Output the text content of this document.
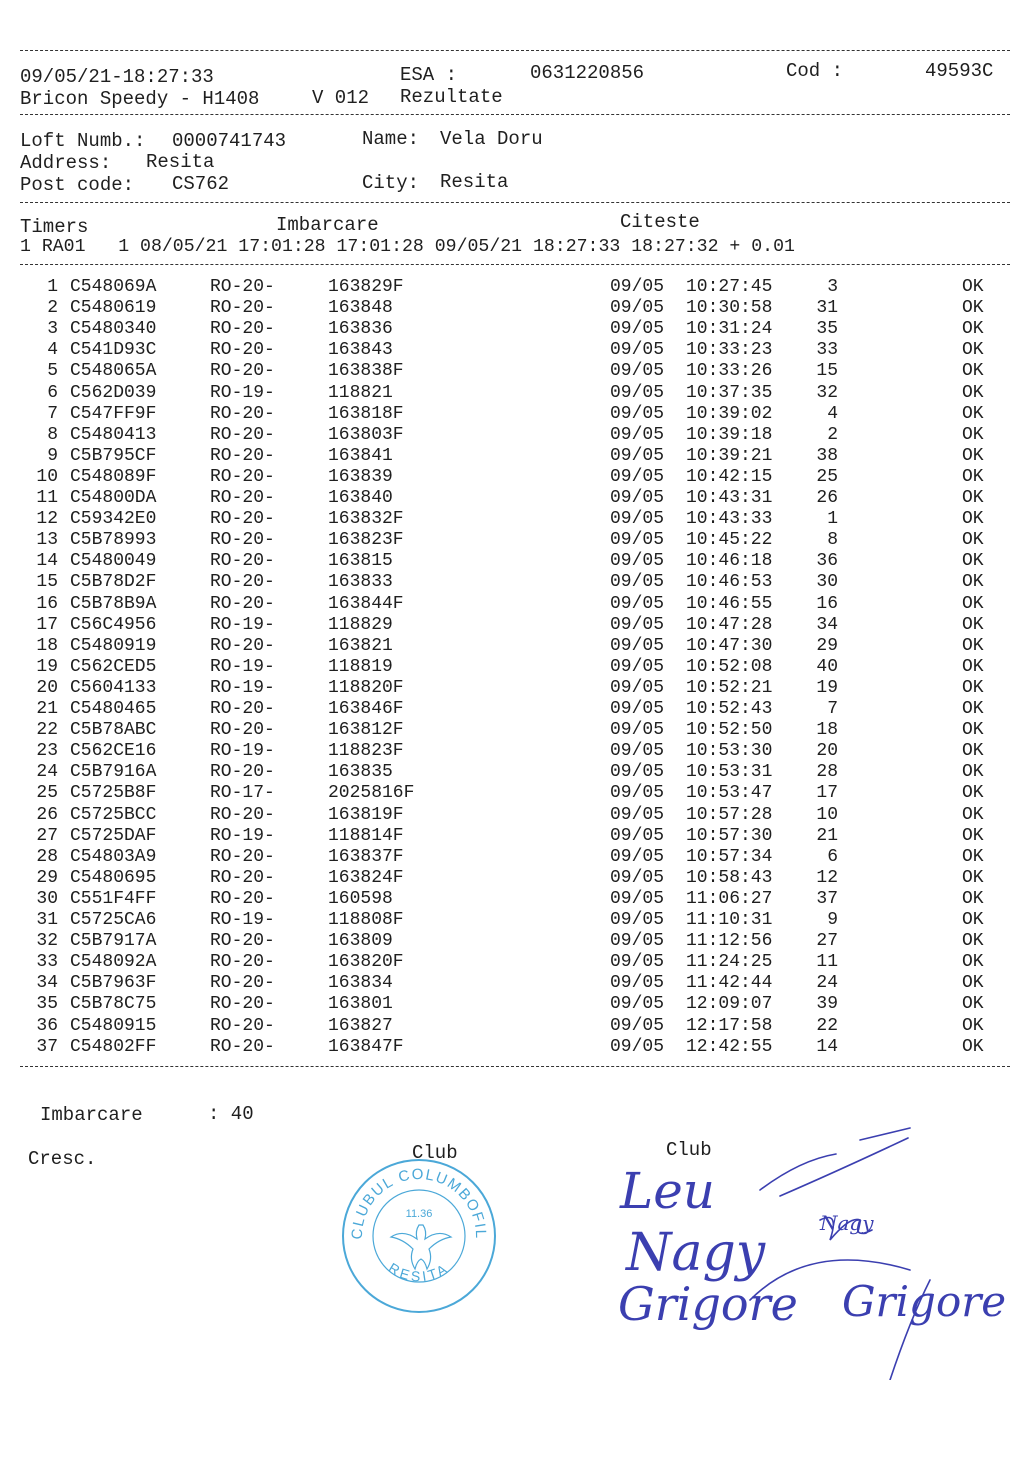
09/05/21-18:27:33	ESA :	0631220856	Cod :	49593C
Bricon Speedy - H1408	V 012 Rezultate
Loft Numb.: 0000741743	Name: Vela Doru
Address: Resita
Post code: CS762	City: Resita
Timers	Imbarcare	Citeste
1 RA01   1 08/05/21 17:01:28 17:01:28 09/05/21 18:27:33 18:27:32 + 0.01
1 C548069A	RO-20-	163829F	09/05 10:27:45	3	OK
2 C5480619	RO-20-	163848	09/05 10:30:58	31	OK
3 C5480340	RO-20-	163836	09/05 10:31:24	35	OK
4 C541D93C	RO-20-	163843	09/05 10:33:23	33	OK
5 C548065A	RO-20-	163838F	09/05 10:33:26	15	OK
6 C562D039	RO-19-	118821	09/05 10:37:35	32	OK
7 C547FF9F	RO-20-	163818F	09/05 10:39:02	4	OK
8 C5480413	RO-20-	163803F	09/05 10:39:18	2	OK
9 C5B795CF	RO-20-	163841	09/05 10:39:21	38	OK
10 C548089F	RO-20-	163839	09/05 10:42:15	25	OK
11 C54800DA	RO-20-	163840	09/05 10:43:31	26	OK
12 C59342E0	RO-20-	163832F	09/05 10:43:33	1	OK
13 C5B78993	RO-20-	163823F	09/05 10:45:22	8	OK
14 C5480049	RO-20-	163815	09/05 10:46:18	36	OK
15 C5B78D2F	RO-20-	163833	09/05 10:46:53	30	OK
16 C5B78B9A	RO-20-	163844F	09/05 10:46:55	16	OK
17 C56C4956	RO-19-	118829	09/05 10:47:28	34	OK
18 C5480919	RO-20-	163821	09/05 10:47:30	29	OK
19 C562CED5	RO-19-	118819	09/05 10:52:08	40	OK
20 C5604133	RO-19-	118820F	09/05 10:52:21	19	OK
21 C5480465	RO-20-	163846F	09/05 10:52:43	7	OK
22 C5B78ABC	RO-20-	163812F	09/05 10:52:50	18	OK
23 C562CE16	RO-19-	118823F	09/05 10:53:30	20	OK
24 C5B7916A	RO-20-	163835	09/05 10:53:31	28	OK
25 C5725B8F	RO-17-	2025816F	09/05 10:53:47	17	OK
26 C5725BCC	RO-20-	163819F	09/05 10:57:28	10	OK
27 C5725DAF	RO-19-	118814F	09/05 10:57:30	21	OK
28 C54803A9	RO-20-	163837F	09/05 10:57:34	6	OK
29 C5480695	RO-20-	163824F	09/05 10:58:43	12	OK
30 C551F4FF	RO-20-	160598	09/05 11:06:27	37	OK
31 C5725CA6	RO-19-	118808F	09/05 11:10:31	9	OK
32 C5B7917A	RO-20-	163809	09/05 11:12:56	27	OK
33 C548092A	RO-20-	163820F	09/05 11:24:25	11	OK
34 C5B7963F	RO-20-	163834	09/05 11:42:44	24	OK
35 C5B78C75	RO-20-	163801	09/05 12:09:07	39	OK
36 C5480915	RO-20-	163827	09/05 12:17:58	22	OK
37 C54802FF	RO-20-	163847F	09/05 12:42:55	14	OK
Imbarcare	: 40
Cresc.	Club	Club
CLUBUL COLUMBOFIL
RESITA
11.36	Leu
Nagy	Nagy
Grigore Grigore
